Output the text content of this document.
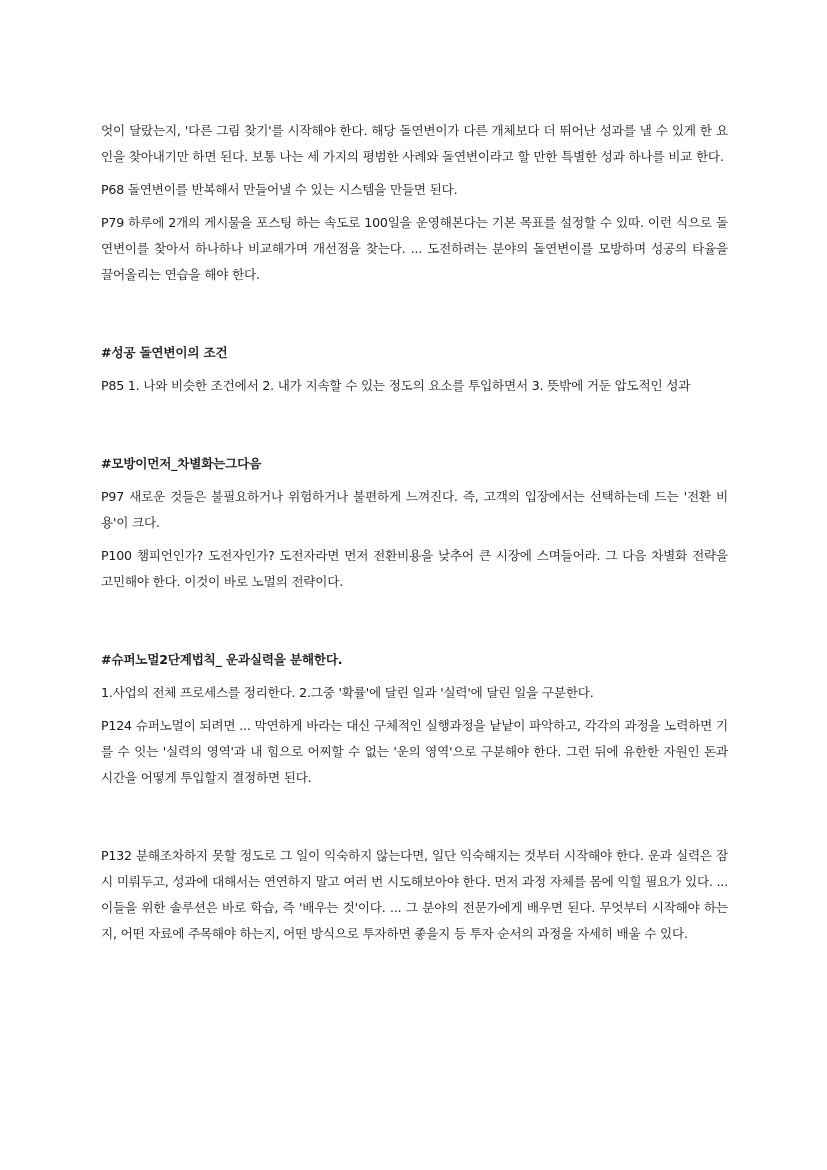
엇이 달랐는지, '다른 그림 찾기'를 시작해야 한다. 해당 돌연변이가 다른 개체보다 더 뛰어난 성과를 낼 수 있게 한 요인을 찾아내기만 하면 된다. 보통 나는 세 가지의 평범한 사례와 돌연변이라고 할 만한 특별한 성과 하나를 비교 한다.

P68 돌연변이를 반복해서 만들어낼 수 있는 시스템을 만들면 된다.

P79 하루에 2개의 게시물을 포스팅 하는 속도로 100일을 운영해본다는 기본 목표를 설정할 수 있따. 이런 식으로 돌연변이를 찾아서 하나하나 비교해가며 개선점을 찾는다. ... 도전하려는 분야의 돌연변이를 모방하며 성공의 타율을 끌어올리는 연습을 해야 한다.

#성공 돌연변이의 조건

P85 1. 나와 비슷한 조건에서 2. 내가 지속할 수 있는 정도의 요소를 투입하면서 3. 뜻밖에 거둔 압도적인 성과

#모방이먼저_차별화는그다음

P97 새로운 것들은 불필요하거나 위험하거나 불편하게 느껴진다. 즉, 고객의 입장에서는 선택하는데 드는 '전환 비용'이 크다.

P100 챔피언인가? 도전자인가? 도전자라면 먼저 전환비용을 낮추어 큰 시장에 스며들어라. 그 다음 차별화 전략을 고민해야 한다. 이것이 바로 노멀의 전략이다.

#슈퍼노멀2단계법칙_ 운과실력을 분해한다.

1.사업의 전체 프로세스를 정리한다. 2.그중 '확률'에 달린 일과 '실력'에 달린 일을 구분한다.

P124 슈퍼노멀이 되려면 ... 막연하게 바라는 대신 구체적인 실행과정을 낱낱이 파악하고, 각각의 과정을 노력하면 기를 수 잇는 '실력의 영역'과 내 힘으로 어찌할 수 없는 '운의 영역'으로 구분해야 한다. 그런 뒤에 유한한 자원인 돈과 시간을 어떻게 투입할지 결정하면 된다.

P132 분해조차하지 못할 정도로 그 일이 익숙하지 않는다면, 일단 익숙해지는 것부터 시작해야 한다. 운과 실력은 잠시 미뤄두고, 성과에 대해서는 연연하지 말고 여러 번 시도해보아야 한다. 먼저 과정 자체를 몸에 익힐 필요가 있다. ... 이들을 위한 솔루션은 바로 학습, 즉 '배우는 것'이다. ... 그 분야의 전문가에게 배우면 된다. 무엇부터 시작해야 하는지, 어떤 자료에 주목해야 하는지, 어떤 방식으로 투자하면 좋을지 등 투자 순서의 과정을 자세히 배울 수 있다.
